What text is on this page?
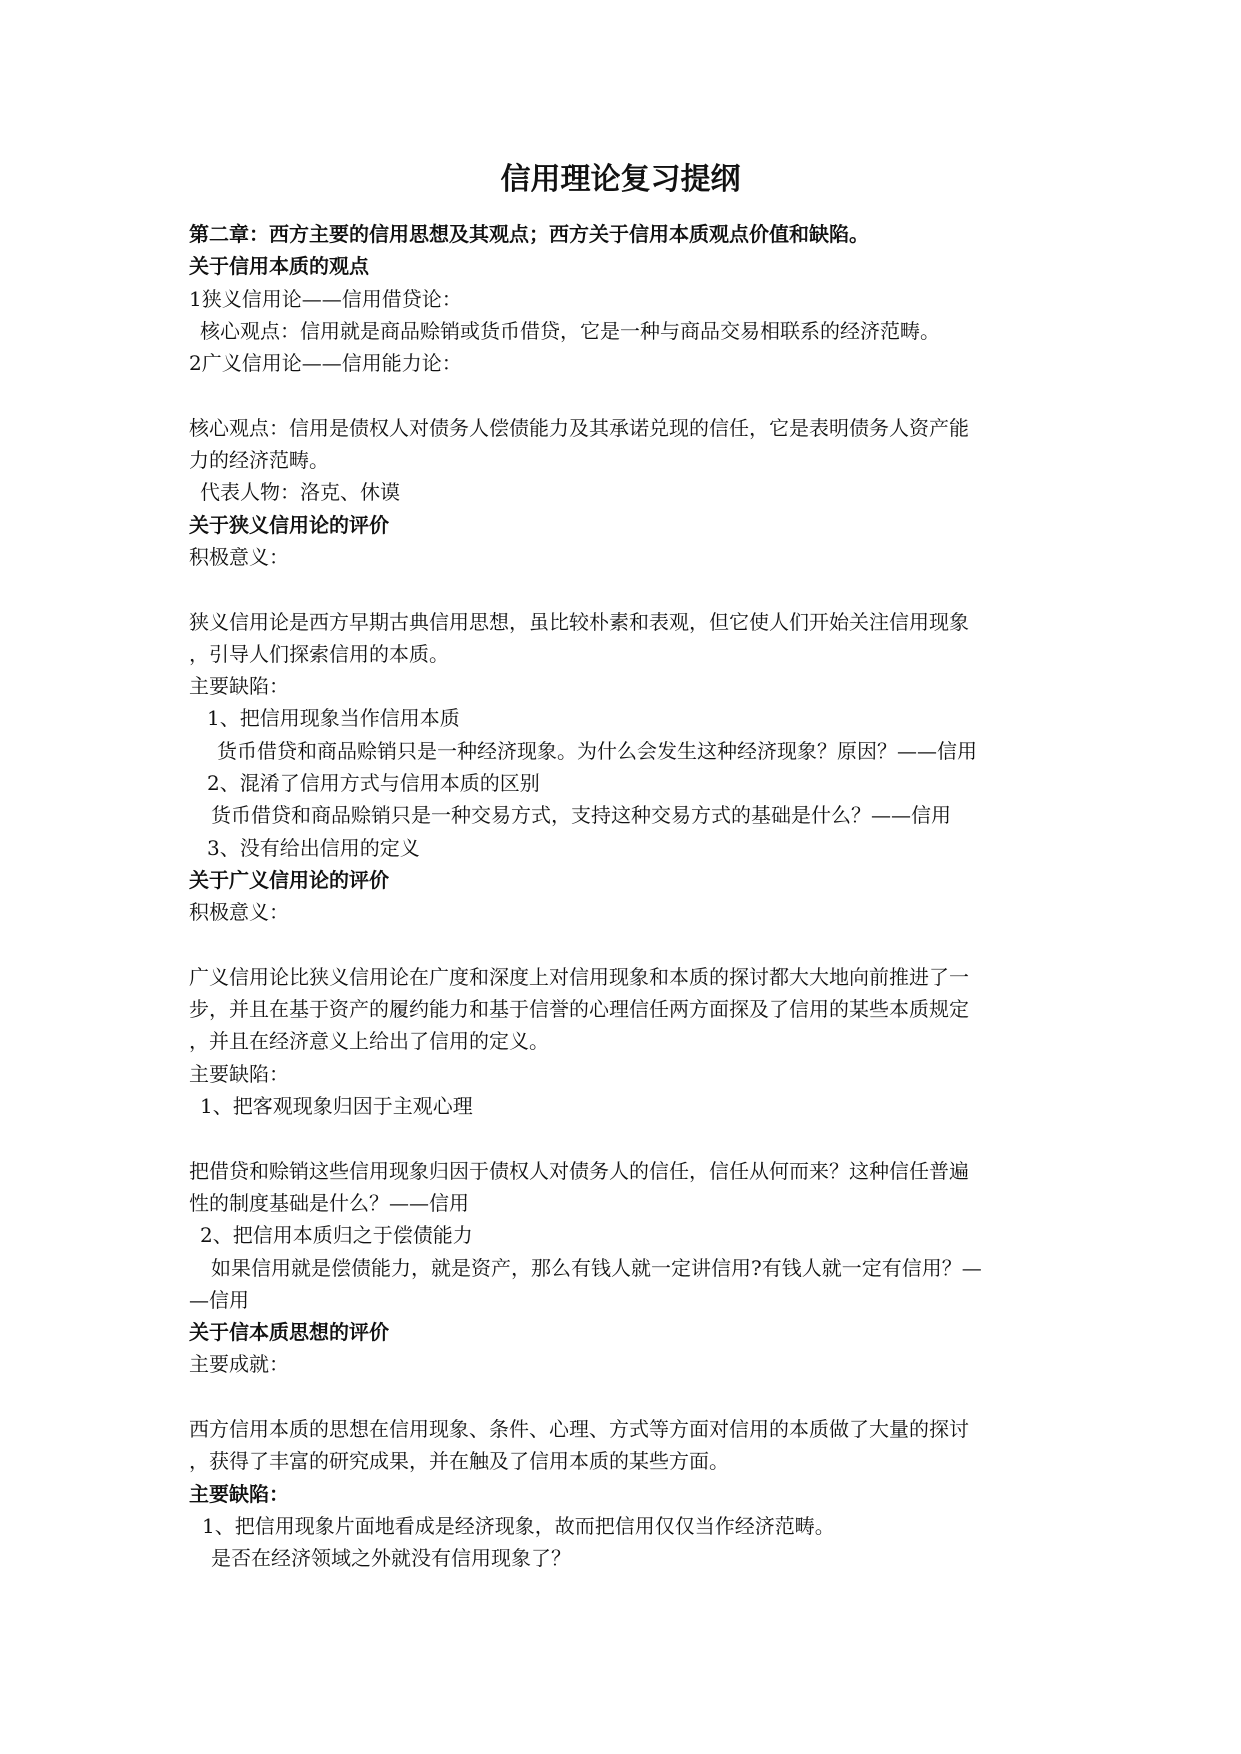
信用理论复习提纲
第二章：西方主要的信用思想及其观点；西方关于信用本质观点价值和缺陷。
关于信用本质的观点
1狭义信用论——信用借贷论：
核心观点：信用就是商品赊销或货币借贷，它是一种与商品交易相联系的经济范畴。
2广义信用论——信用能力论：
核心观点：信用是债权人对债务人偿债能力及其承诺兑现的信任，它是表明债务人资产能
力的经济范畴。
代表人物：洛克、休谟
关于狭义信用论的评价
积极意义：
狭义信用论是西方早期古典信用思想，虽比较朴素和表观，但它使人们开始关注信用现象
，引导人们探索信用的本质。
主要缺陷：
1、把信用现象当作信用本质
货币借贷和商品赊销只是一种经济现象。为什么会发生这种经济现象？原因？——信用
2、混淆了信用方式与信用本质的区别
货币借贷和商品赊销只是一种交易方式，支持这种交易方式的基础是什么？——信用
3、没有给出信用的定义
关于广义信用论的评价
积极意义：
广义信用论比狭义信用论在广度和深度上对信用现象和本质的探讨都大大地向前推进了一
步，并且在基于资产的履约能力和基于信誉的心理信任两方面探及了信用的某些本质规定
，并且在经济意义上给出了信用的定义。
主要缺陷：
1、把客观现象归因于主观心理
把借贷和赊销这些信用现象归因于债权人对债务人的信任，信任从何而来？这种信任普遍
性的制度基础是什么？——信用
2、把信用本质归之于偿债能力
如果信用就是偿债能力，就是资产，那么有钱人就一定讲信用?有钱人就一定有信用？—
—信用
关于信本质思想的评价
主要成就：
西方信用本质的思想在信用现象、条件、心理、方式等方面对信用的本质做了大量的探讨
，获得了丰富的研究成果，并在触及了信用本质的某些方面。
主要缺陷：
1、把信用现象片面地看成是经济现象，故而把信用仅仅当作经济范畴。
是否在经济领域之外就没有信用现象了？
